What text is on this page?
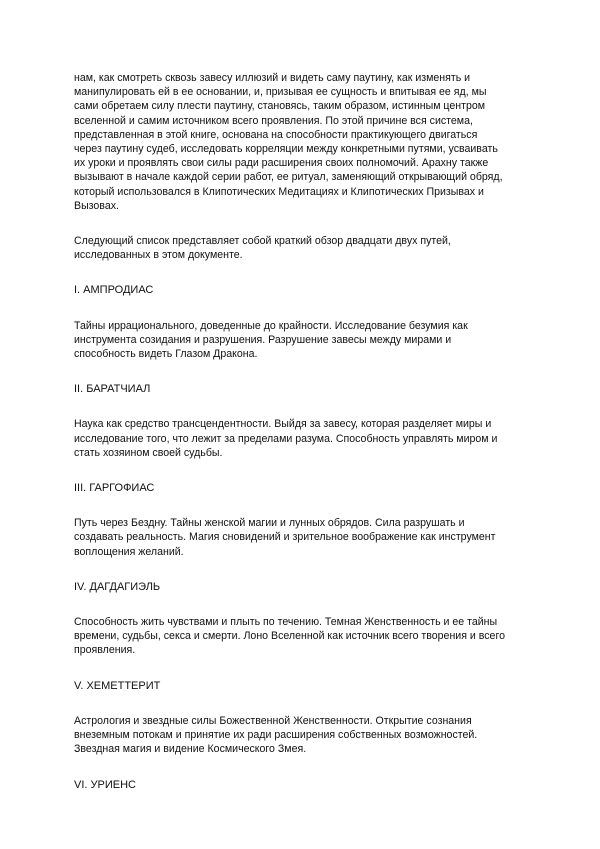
нам, как смотреть сквозь завесу иллюзий и видеть саму паутину, как изменять и
манипулировать ей в ее основании, и, призывая ее сущность и впитывая ее яд, мы
сами обретаем силу плести паутину, становясь, таким образом, истинным центром
вселенной и самим источником всего проявления. По этой причине вся система,
представленная в этой книге, основана на способности практикующего двигаться
через паутину судеб, исследовать корреляции между конкретными путями, усваивать
их уроки и проявлять свои силы ради расширения своих полномочий. Арахну также
вызывают в начале каждой серии работ, ее ритуал, заменяющий открывающий обряд,
который использовался в Клипотических Медитациях и Клипотических Призывах и
Вызовах.

Следующий список представляет собой краткий обзор двадцати двух путей,
исследованных в этом документе.

I. АМПРОДИАС

Тайны иррационального, доведенные до крайности. Исследование безумия как
инструмента созидания и разрушения. Разрушение завесы между мирами и
способность видеть Глазом Дракона.

II. БАРАТЧИАЛ

Наука как средство трансцендентности. Выйдя за завесу, которая разделяет миры и
исследование того, что лежит за пределами разума. Способность управлять миром и
стать хозяином своей судьбы.

III. ГАРГОФИАС

Путь через Бездну. Тайны женской магии и лунных обрядов. Сила разрушать и
создавать реальность. Магия сновидений и зрительное воображение как инструмент
воплощения желаний.

IV. ДАГДАГИЭЛЬ

Способность жить чувствами и плыть по течению. Темная Женственность и ее тайны
времени, судьбы, секса и смерти. Лоно Вселенной как источник всего творения и всего
проявления.

V. ХЕМЕТТЕРИТ

Астрология и звездные силы Божественной Женственности. Открытие сознания
внеземным потокам и принятие их ради расширения собственных возможностей.
Звездная магия и видение Космического Змея.

VI. УРИЕНС
